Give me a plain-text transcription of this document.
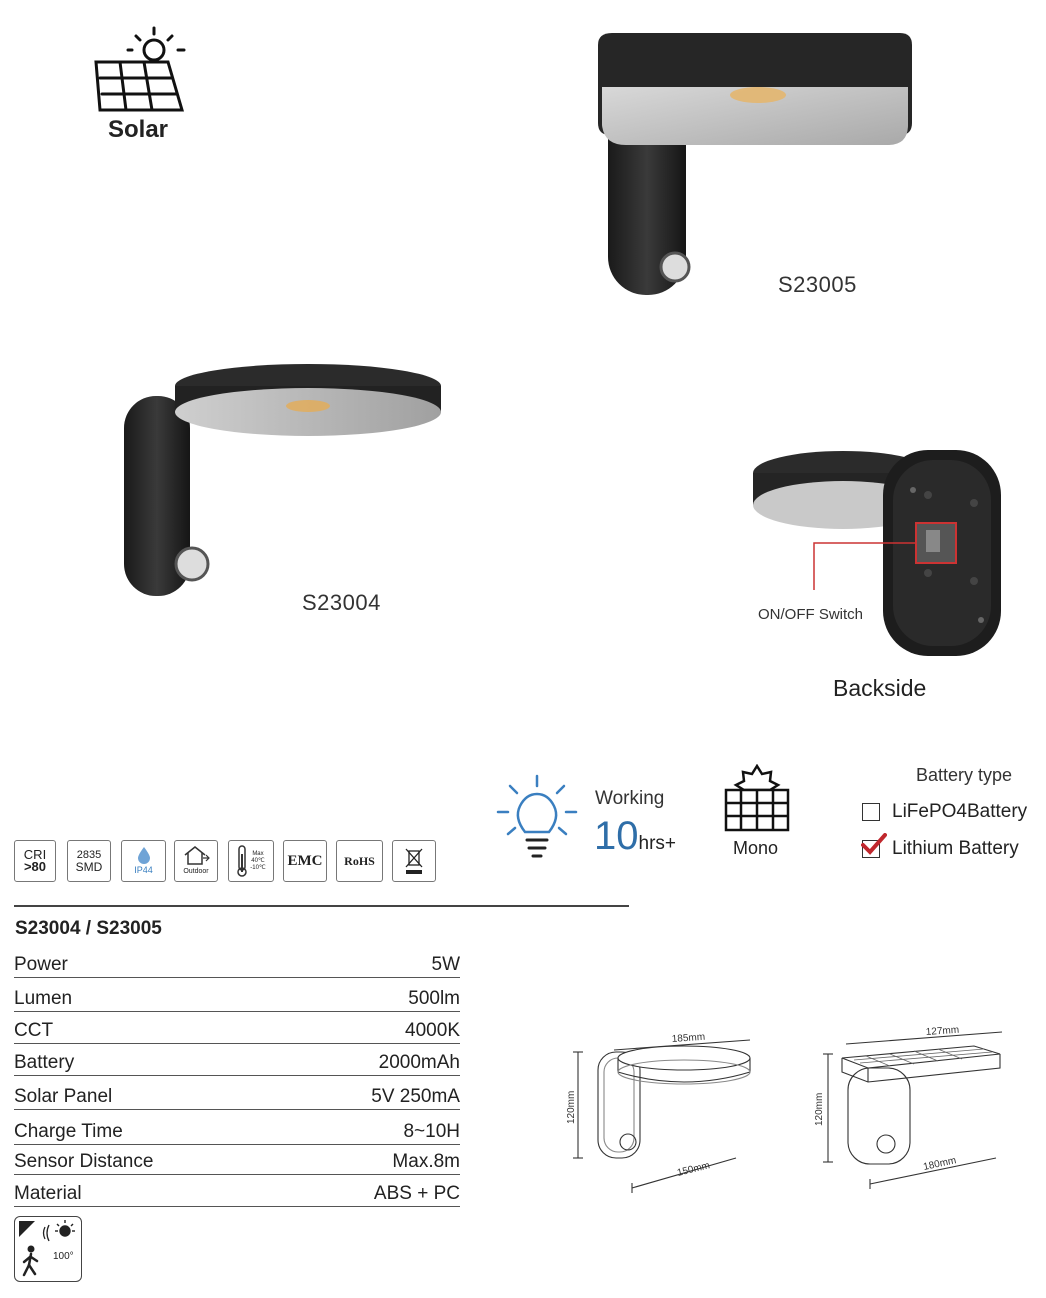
Solar
S23005
S23004	ON/OFF Switch
Backside
Working
10hrs+	Mono
Battery type
LiFePO4Battery
Lithium Battery
CRI
>80
2835
SMD	IP44	Outdoor
Max
40℃
-10℃ EMC RoHS
S23004 / S23005
Power	5W
Lumen	500lm
CCT	4000K
Battery	2000mAh
Solar Panel	5V 250mA
Charge Time	8~10H
Sensor Distance	Max.8m
Material	ABS + PC
100°
185mm
120mm
150mm
127mm
120mm
180mm
